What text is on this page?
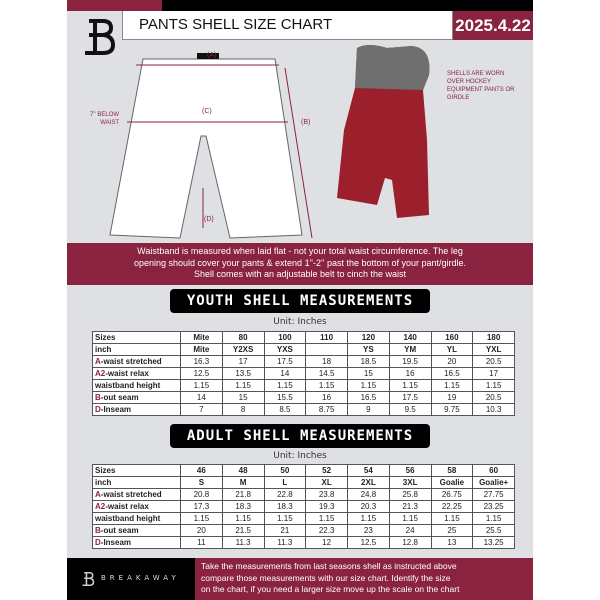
PANTS SHELL SIZE CHART	2025.4.22
(A)
(C)
(B)
(D)
7'' BELOW WAIST
SHELLS ARE WORN OVER HOCKEY EQUIPMENT PANTS OR GIRDLE
Waistband is measured when laid flat - not your total waist circumference. The leg
opening should cover your pants & extend 1''-2'' past the bottom of your pant/girdle.
Shell comes with an adjustable belt to cinch the waist
YOUTH SHELL MEASUREMENTS
Unit: Inches
Sizes	Mite	80	100	110	120	140	160	180
inch	Mite	Y2XS	YXS		YS	YM	YL	YXL
A-waist stretched	16.3	17	17.5	18	18.5	19.5	20	20.5
A2-waist relax	12.5	13.5	14	14.5	15	16	16.5	17
waistband height	1.15	1.15	1.15	1.15	1.15	1.15	1.15	1.15
B-out seam	14	15	15.5	16	16.5	17.5	19	20.5
D-Inseam	7	8	8.5	8.75	9	9.5	9.75	10.3
ADULT SHELL MEASUREMENTS
Unit: Inches
Sizes	46	48	50	52	54	56	58	60
inch	S	M	L	XL	2XL	3XL	Goalie	Goalie+
A-waist stretched	20.8	21.8	22.8	23.8	24.8	25.8	26.75	27.75
A2-waist relax	17.3	18.3	18.3	19.3	20.3	21.3	22.25	23.25
waistband height	1.15	1.15	1.15	1.15	1.15	1.15	1.15	1.15
B-out seam	20	21.5	21	22.3	23	24	25	25.5
D-Inseam	11	11.3	11.3	12	12.5	12.8	13	13.25
BREAKAWAY
Take the measurements from last seasons shell as instructed above
compare those measurements with our size chart. Identify the size
on the chart, if you need a larger size move up the scale on the chart
